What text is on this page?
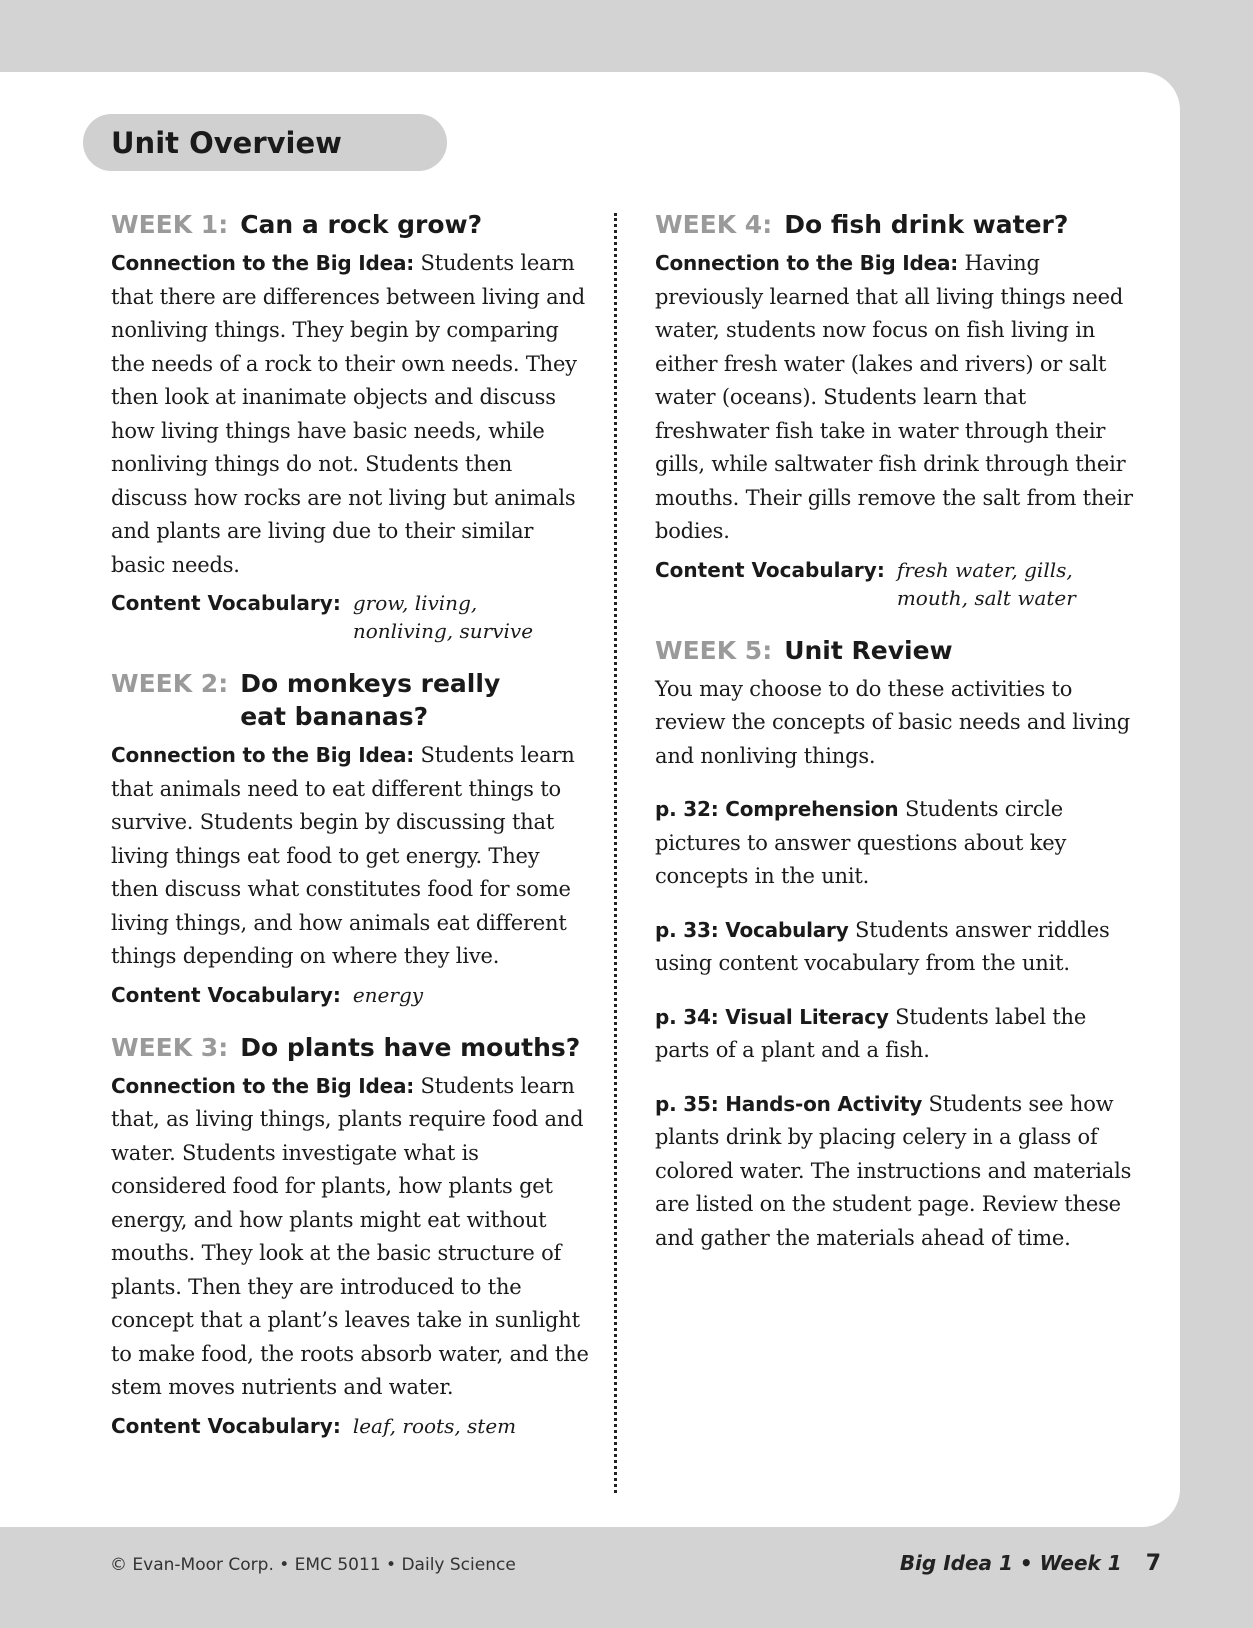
Unit Overview
WEEK 1: Can a rock grow?
Connection to the Big Idea: Students learn that there are differences between living and nonliving things. They begin by comparing the needs of a rock to their own needs. They then look at inanimate objects and discuss how living things have basic needs, while nonliving things do not. Students then discuss how rocks are not living but animals and plants are living due to their similar basic needs.
Content Vocabulary: grow, living, nonliving, survive
WEEK 2: Do monkeys really eat bananas?
Connection to the Big Idea: Students learn that animals need to eat different things to survive. Students begin by discussing that living things eat food to get energy. They then discuss what constitutes food for some living things, and how animals eat different things depending on where they live.
Content Vocabulary: energy
WEEK 3: Do plants have mouths?
Connection to the Big Idea: Students learn that, as living things, plants require food and water. Students investigate what is considered food for plants, how plants get energy, and how plants might eat without mouths. They look at the basic structure of plants. Then they are introduced to the concept that a plant’s leaves take in sunlight to make food, the roots absorb water, and the stem moves nutrients and water.
Content Vocabulary: leaf, roots, stem
WEEK 4: Do fish drink water?
Connection to the Big Idea: Having previously learned that all living things need water, students now focus on fish living in either fresh water (lakes and rivers) or salt water (oceans). Students learn that freshwater fish take in water through their gills, while saltwater fish drink through their mouths. Their gills remove the salt from their bodies.
Content Vocabulary: fresh water, gills, mouth, salt water
WEEK 5: Unit Review
You may choose to do these activities to review the concepts of basic needs and living and nonliving things.
p. 32: Comprehension Students circle pictures to answer questions about key concepts in the unit.
p. 33: Vocabulary Students answer riddles using content vocabulary from the unit.
p. 34: Visual Literacy Students label the parts of a plant and a fish.
p. 35: Hands-on Activity Students see how plants drink by placing celery in a glass of colored water. The instructions and materials are listed on the student page. Review these and gather the materials ahead of time.
© Evan-Moor Corp. • EMC 5011 • Daily Science	Big Idea 1 • Week 1 7
